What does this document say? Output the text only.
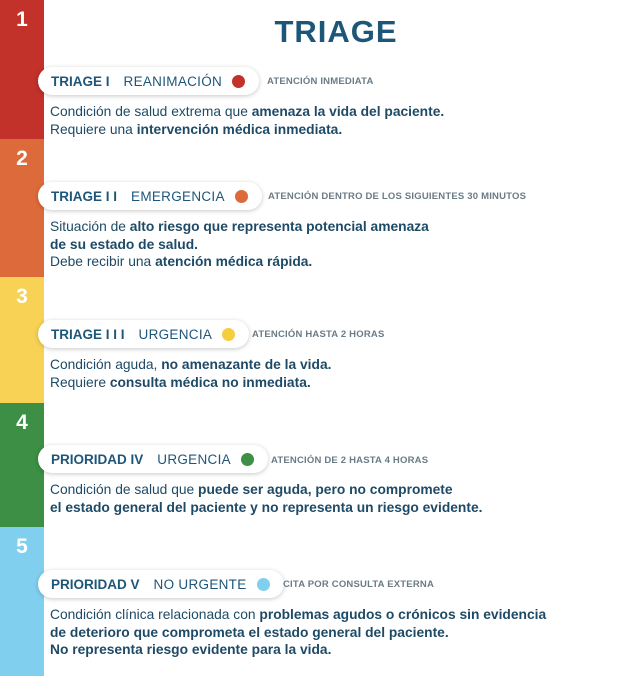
TRIAGE
1
TRIAGE I REANIMACIÓN	ATENCIÓN INMEDIATA
Condición de salud extrema que amenaza la vida del paciente.
Requiere una intervención médica inmediata.
2
TRIAGE I I EMERGENCIA	ATENCIÓN DENTRO DE LOS SIGUIENTES 30 MINUTOS
Situación de alto riesgo que representa potencial amenaza
de su estado de salud.
Debe recibir una atención médica rápida.
3
TRIAGE I I I URGENCIA	ATENCIÓN HASTA 2 HORAS
Condición aguda, no amenazante de la vida.
Requiere consulta médica no inmediata.
4
PRIORIDAD IV URGENCIA	ATENCIÓN DE 2 HASTA 4 HORAS
Condición de salud que puede ser aguda, pero no compromete
el estado general del paciente y no representa un riesgo evidente.
5
PRIORIDAD V NO URGENTE	CITA POR CONSULTA EXTERNA
Condición clínica relacionada con problemas agudos o crónicos sin evidencia
de deterioro que comprometa el estado general del paciente.
No representa riesgo evidente para la vida.
